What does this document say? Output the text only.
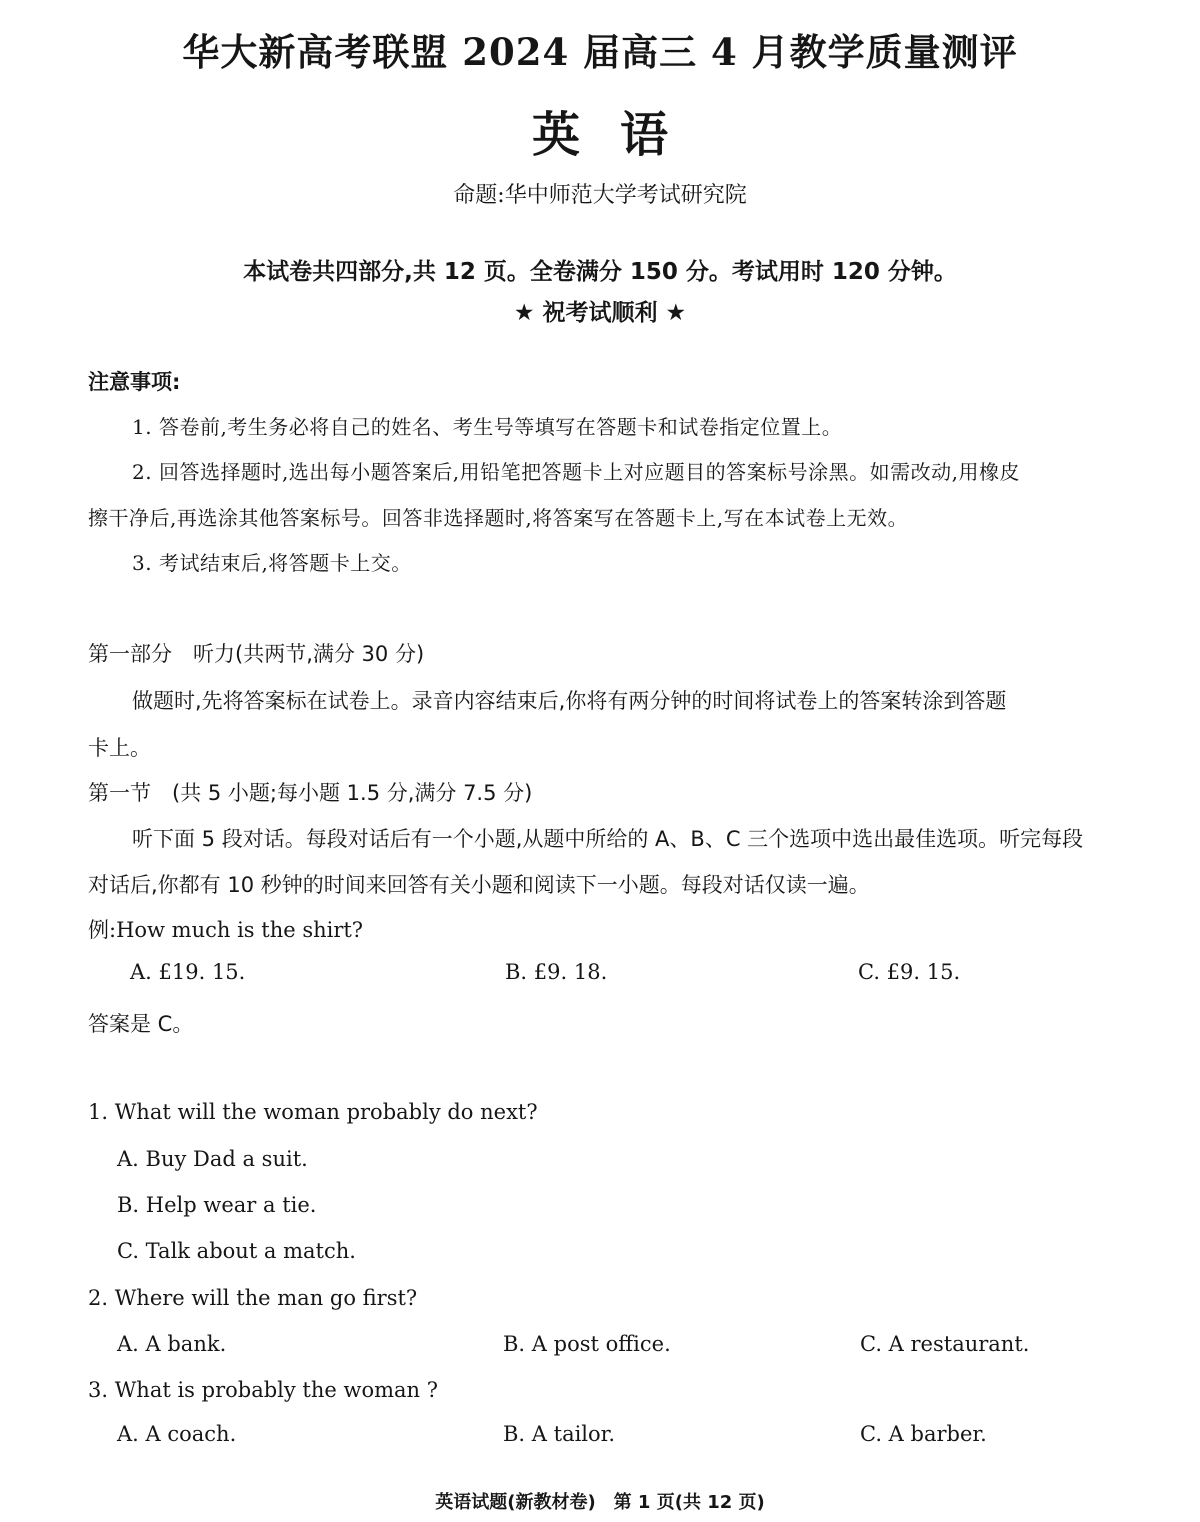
华大新高考联盟 2024 届高三 4 月教学质量测评
英语
命题:华中师范大学考试研究院
本试卷共四部分,共 12 页。全卷满分 150 分。考试用时 120 分钟。
★ 祝考试顺利 ★
注意事项:
1. 答卷前,考生务必将自己的姓名、考生号等填写在答题卡和试卷指定位置上。
2. 回答选择题时,选出每小题答案后,用铅笔把答题卡上对应题目的答案标号涂黑。如需改动,用橡皮
擦干净后,再选涂其他答案标号。回答非选择题时,将答案写在答题卡上,写在本试卷上无效。
3. 考试结束后,将答题卡上交。
第一部分　听力(共两节,满分 30 分)
做题时,先将答案标在试卷上。录音内容结束后,你将有两分钟的时间将试卷上的答案转涂到答题
卡上。
第一节　(共 5 小题;每小题 1.5 分,满分 7.5 分)
听下面 5 段对话。每段对话后有一个小题,从题中所给的 A、B、C 三个选项中选出最佳选项。听完每段
对话后,你都有 10 秒钟的时间来回答有关小题和阅读下一小题。每段对话仅读一遍。
例:How much is the shirt?
A. £19. 15.	B. £9. 18.	C. £9. 15.
答案是 C。
1. What will the woman probably do next?
A. Buy Dad a suit.
B. Help wear a tie.
C. Talk about a match.
2. Where will the man go first?
A. A bank.	B. A post office.	C. A restaurant.
3. What is probably the woman ?
A. A coach.	B. A tailor.	C. A barber.
英语试题(新教材卷)　第 1 页(共 12 页)
